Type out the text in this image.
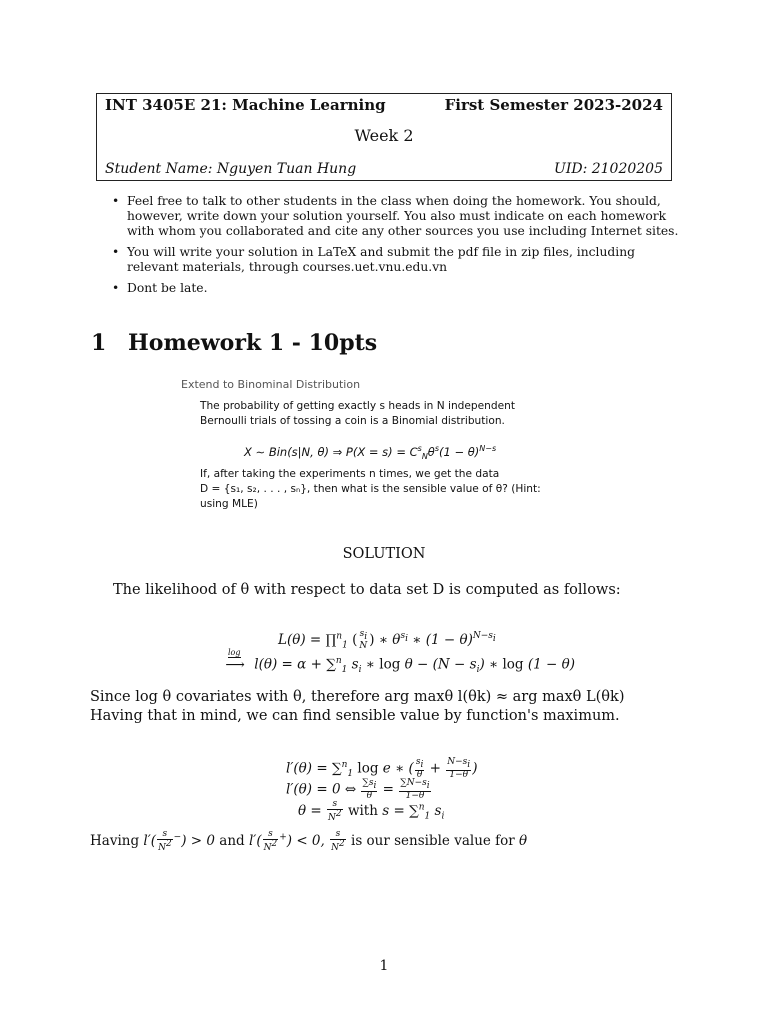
INT 3405E 21: Machine Learning	First Semester 2023-2024
Week 2
Student Name: Nguyen Tuan Hung	UID: 21020205
• Feel free to talk to other students in the class when doing the homework. You should, however, write down your solution yourself. You also must indicate on each homework with whom you collaborated and cite any other sources you use including Internet sites.
• You will write your solution in LaTeX and submit the pdf file in zip files, including relevant materials, through courses.uet.vnu.edu.vn
• Dont be late.
1 Homework 1 - 10pts
Extend to Binominal Distribution
The probability of getting exactly s heads in N independent
Bernoulli trials of tossing a coin is a Binomial distribution.
X ∼ Bin(s|N, θ) ⇒ $P(X = s) = C^s_N\theta^s(1 - \theta)^{N-s}$
If, after taking the experiments n times, we get the data
D = {s₁, s₂, . . . , sₙ}, then what is the sensible value of θ? (Hint:
using MLE)
SOLUTION
The likelihood of θ with respect to data set D is computed as follows:
L(θ) = ∏$^n_1$ ( $s_i$
N ) ∗ $\theta^{s_i}$ ∗ $(1 - \theta)^{N-s_i}$
log
⟶ l(θ) = α + ∑$^n_1$ $s_i$ ∗ $\log \theta - (N - s_i)$ ∗ log (1 − θ)
Since log θ covariates with θ, therefore arg maxθ l(θk) ≈ arg maxθ L(θk)
Having that in mind, we can find sensible value by function's maximum.
l′(θ) = ∑$^n_1$ log e ∗ ( $\frac{s_i}{\theta} + \frac{N-s_i}{1-\theta}$ )
l′(θ) = 0 ⇔ $\frac{\sum s_i}{\theta} = \frac{\sum N-s_i}{1-\theta}$
$\theta = \frac{s}{N^2}$ with s = ∑$^n_1$ $s_i$
Having $l'( \frac{s}{N^2} ^-) > 0$ and $l'( \frac{s}{N^2} ^+) < 0$, $\frac{s}{N^2}$ is our sensible value for θ
1
